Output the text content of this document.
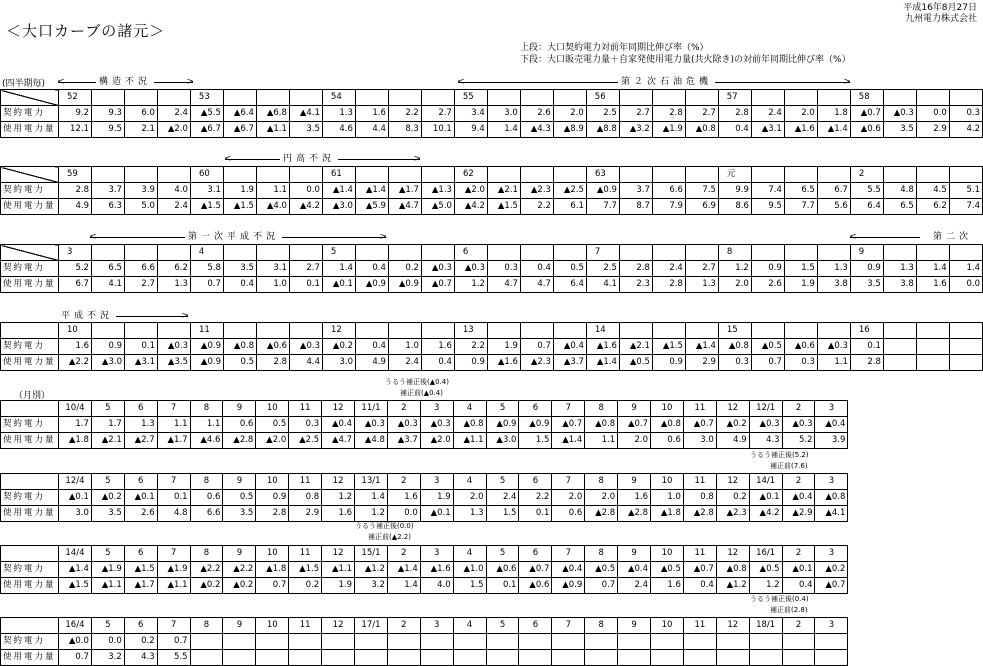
平成16年8月27日
九州電力株式会社
＜大口カーブの諸元＞
上段：大口契約電力対前年同期比伸び率（%）
下段：大口販売電力量＋自家発使用電力量(共火除き)の対前年同期比伸び率（%）
(四半期毎) <	>
構造不況	<	>
第２次石油危機
<	>
円高不況
<	>
第一次平成不況	<	第二次
>
平成不況
（月別）
	52				53				54				55				56				57				58			
契約電力	9.2	9.3	6.0	2.4	▲5.5	▲6.4	▲6.8	▲4.1	1.3	1.6	2.2	2.7	3.4	3.0	2.6	2.0	2.5	2.7	2.8	2.7	2.8	2.4	2.0	1.8	▲0.7	▲0.3	0.0	0.3
使用電力量	12.1	9.5	2.1	▲2.0	▲6.7	▲6.7	▲1.1	3.5	4.6	4.4	8.3	10.1	9.4	1.4	▲4.3	▲8.9	▲8.8	▲3.2	▲1.9	▲0.8	0.4	▲3.1	▲1.6	▲1.4	▲0.6	3.5	2.9	4.2
	59				60				61				62				63				元				2			
契約電力	2.8	3.7	3.9	4.0	3.1	1.9	1.1	0.0	▲1.4	▲1.4	▲1.7	▲1.3	▲2.0	▲2.1	▲2.3	▲2.5	▲0.9	3.7	6.6	7.5	9.9	7.4	6.5	6.7	5.5	4.8	4.5	5.1
使用電力量	4.9	6.3	5.0	2.4	▲1.5	▲1.5	▲4.0	▲4.2	▲3.0	▲5.9	▲4.7	▲5.0	▲4.2	▲1.5	2.2	6.1	7.7	8.7	7.9	6.9	8.6	9.5	7.7	5.6	6.4	6.5	6.2	7.4
	3				4				5				6				7				8				9			
契約電力	5.2	6.5	6.6	6.2	5.8	3.5	3.1	2.7	1.4	0.4	0.2	▲0.3	▲0.3	0.3	0.4	0.5	2.5	2.8	2.4	2.7	1.2	0.9	1.5	1.3	0.9	1.3	1.4	1.4
使用電力量	6.7	4.1	2.7	1.3	0.7	0.4	1.0	0.1	▲0.1	▲0.9	▲0.9	▲0.7	1.2	4.7	4.7	6.4	4.1	2.3	2.8	1.3	2.0	2.6	1.9	3.8	3.5	3.8	1.6	0.0
	10				11				12				13				14				15				16			
契約電力	1.6	0.9	0.1	▲0.3	▲0.9	▲0.8	▲0.6	▲0.3	▲0.2	0.4	1.0	1.6	2.2	1.9	0.7	▲0.4	▲1.6	▲2.1	▲1.5	▲1.4	▲0.8	▲0.5	▲0.6	▲0.3	0.1			
使用電力量	▲2.2	▲3.0	▲3.1	▲3.5	▲0.9	0.5	2.8	4.4	3.0	4.9	2.4	0.4	0.9	▲1.6	▲2.3	▲3.7	▲1.4	▲0.5	0.9	2.9	0.3	0.7	0.3	1.1	2.8			
	10/4	5	6	7	8	9	10	11	12	11/1	2	3	4	5	6	7	8	9	10	11	12	12/1	2	3
契約電力	1.7	1.7	1.3	1.1	1.1	0.6	0.5	0.3	▲0.4	▲0.3	▲0.3	▲0.3	▲0.8	▲0.9	▲0.9	▲0.7	▲0.8	▲0.7	▲0.8	▲0.7	▲0.2	▲0.3	▲0.3	▲0.4
使用電力量	▲1.8	▲2.1	▲2.7	▲1.7	▲4.6	▲2.8	▲2.0	▲2.5	▲4.7	▲4.8	▲3.7	▲2.0	▲1.1	▲3.0	1.5	▲1.4	1.1	2.0	0.6	3.0	4.9	4.3	5.2	3.9
	12/4	5	6	7	8	9	10	11	12	13/1	2	3	4	5	6	7	8	9	10	11	12	14/1	2	3
契約電力	▲0.1	▲0.2	▲0.1	0.1	0.6	0.5	0.9	0.8	1.2	1.4	1.6	1.9	2.0	2.4	2.2	2.0	2.0	1.6	1.0	0.8	0.2	▲0.1	▲0.4	▲0.8
使用電力量	3.0	3.5	2.6	4.8	6.6	3.5	2.8	2.9	1.6	1.2	0.0	▲0.1	1.3	1.5	0.1	0.6	▲2.8	▲2.8	▲1.8	▲2.8	▲2.3	▲4.2	▲2.9	▲4.1
	14/4	5	6	7	8	9	10	11	12	15/1	2	3	4	5	6	7	8	9	10	11	12	16/1	2	3
契約電力	▲1.4	▲1.9	▲1.5	▲1.9	▲2.2	▲2.2	▲1.8	▲1.5	▲1.1	▲1.2	▲1.4	▲1.6	▲1.0	▲0.6	▲0.7	▲0.4	▲0.5	▲0.4	▲0.5	▲0.7	▲0.8	▲0.5	▲0.1	▲0.2
使用電力量	▲1.5	▲1.1	▲1.7	▲1.1	▲0.2	▲0.2	0.7	0.2	1.9	3.2	1.4	4.0	1.5	0.1	▲0.6	▲0.9	0.7	2.4	1.6	0.4	▲1.2	1.2	0.4	▲0.7
	16/4	5	6	7	8	9	10	11	12	17/1	2	3	4	5	6	7	8	9	10	11	12	18/1	2	3
契約電力	▲0.0	0.0	0.2	0.7																				
使用電力量	0.7	3.2	4.3	5.5																				
うるう補正後(▲0.4)
補正前(▲0.4)
うるう補正後(5.2)
補正前(7.6)
うるう補正後(0.0)
補正前(▲2.2)
うるう補正後(0.4)
補正前(2.8)
